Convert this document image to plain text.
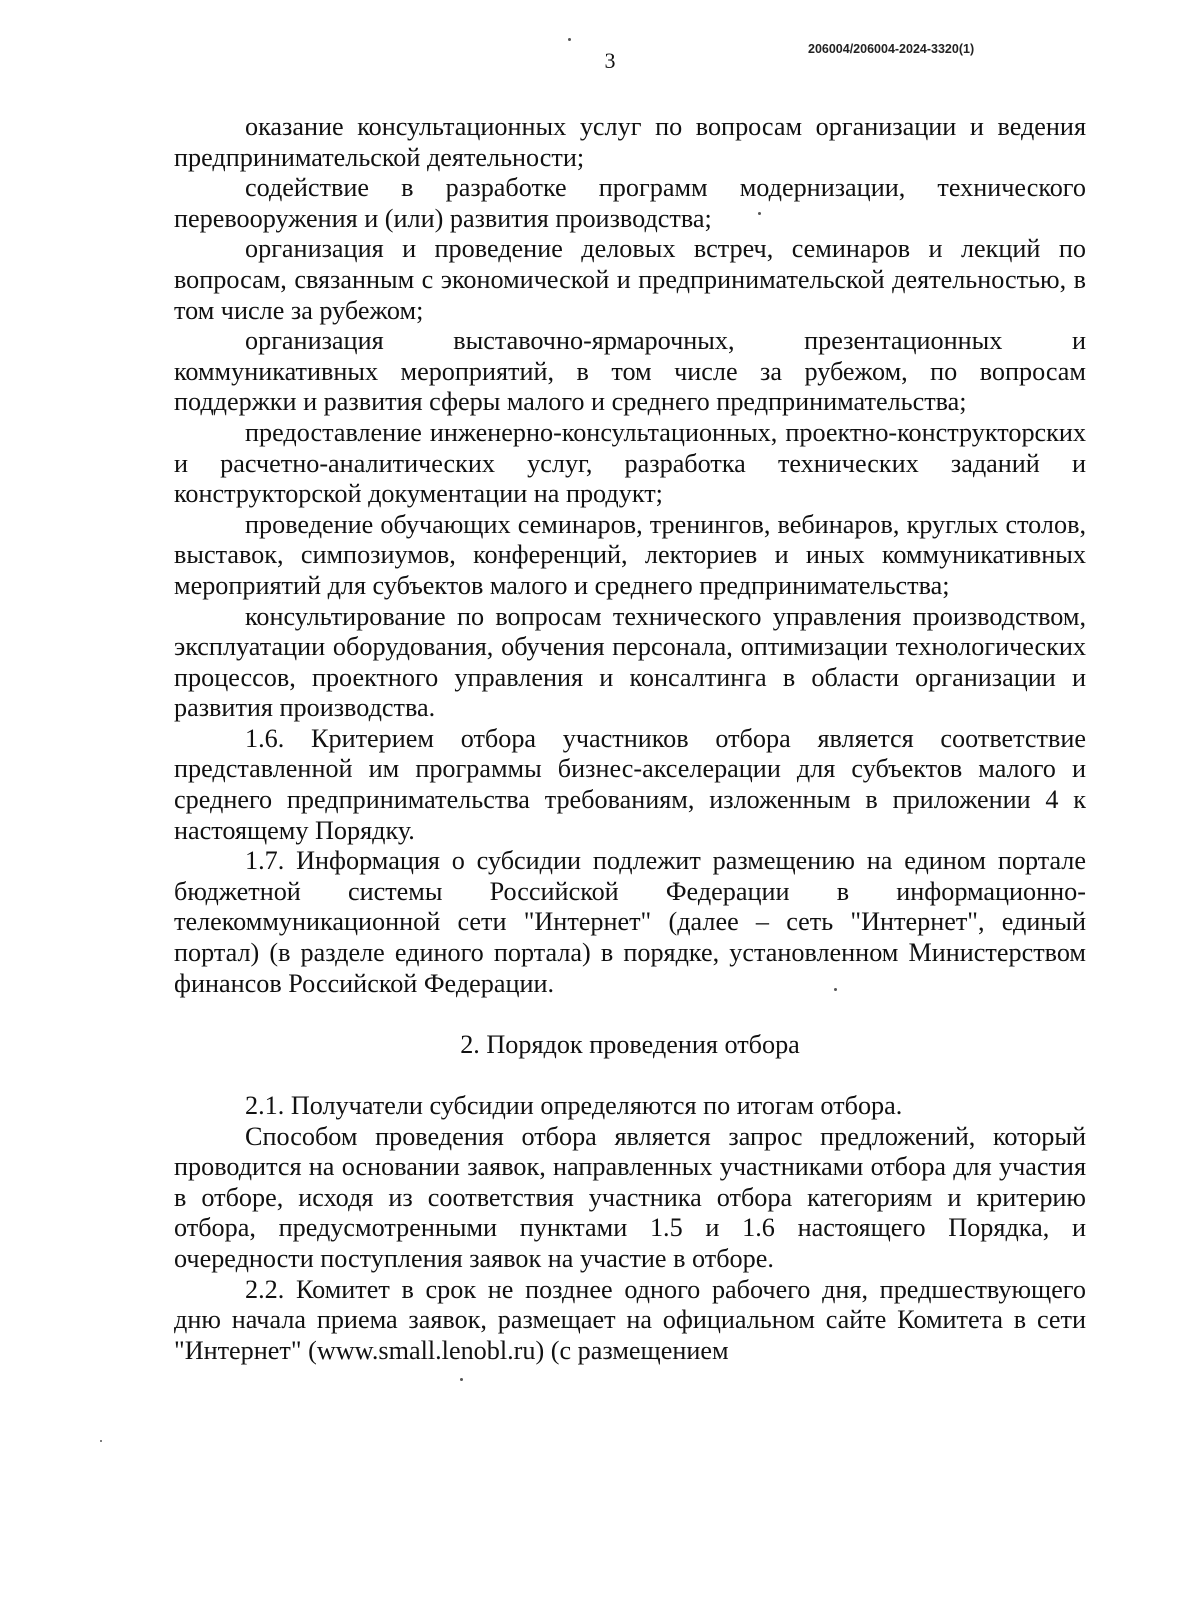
3	206004/206004-2024-3320(1)

оказание консультационных услуг по вопросам организации и ведения предпринимательской деятельности;

содействие в разработке программ модернизации, технического перевооружения и (или) развития производства;

организация и проведение деловых встреч, семинаров и лекций по вопросам, связанным с экономической и предпринимательской деятельностью, в том числе за рубежом;

организация выставочно-ярмарочных, презентационных и коммуникативных мероприятий, в том числе за рубежом, по вопросам поддержки и развития сферы малого и среднего предпринимательства;

предоставление инженерно-консультационных, проектно-конструкторских и расчетно-аналитических услуг, разработка технических заданий и конструкторской документации на продукт;

проведение обучающих семинаров, тренингов, вебинаров, круглых столов, выставок, симпозиумов, конференций, лекториев и иных коммуникативных мероприятий для субъектов малого и среднего предпринимательства;

консультирование по вопросам технического управления производством, эксплуатации оборудования, обучения персонала, оптимизации технологических процессов, проектного управления и консалтинга в области организации и развития производства.

1.6. Критерием отбора участников отбора является соответствие представленной им программы бизнес-акселерации для субъектов малого и среднего предпринимательства требованиям, изложенным в приложении 4 к настоящему Порядку.

1.7. Информация о субсидии подлежит размещению на едином портале бюджетной системы Российской Федерации в информационно-телекоммуникационной сети "Интернет" (далее – сеть "Интернет", единый портал) (в разделе единого портала) в порядке, установленном Министерством финансов Российской Федерации.

2. Порядок проведения отбора

2.1. Получатели субсидии определяются по итогам отбора.

Способом проведения отбора является запрос предложений, который проводится на основании заявок, направленных участниками отбора для участия в отборе, исходя из соответствия участника отбора категориям и критерию отбора, предусмотренными пунктами 1.5 и 1.6 настоящего Порядка, и очередности поступления заявок на участие в отборе.

2.2. Комитет в срок не позднее одного рабочего дня, предшествующего дню начала приема заявок, размещает на официальном сайте Комитета в сети "Интернет" (www.small.lenobl.ru) (с размещением
